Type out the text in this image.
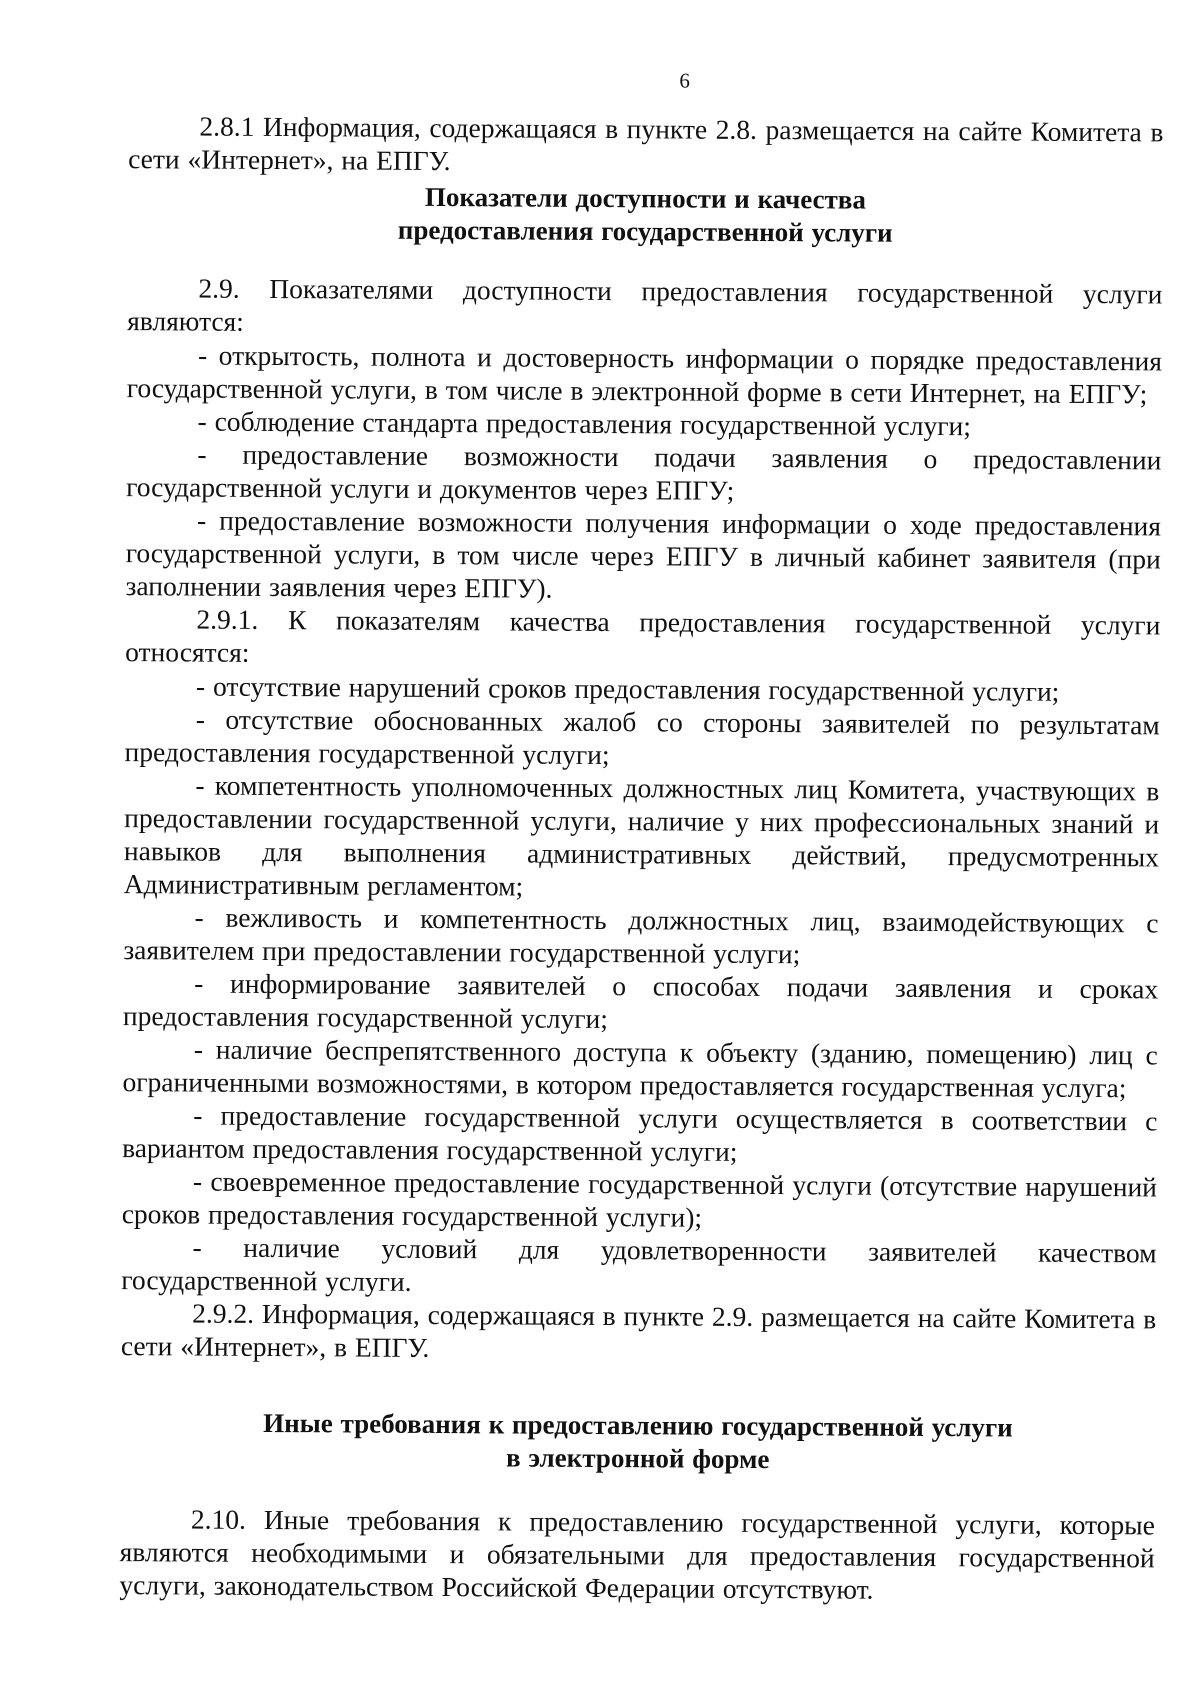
6

2.8.1 Информация, содержащаяся в пункте 2.8. размещается на сайте Комитета в сети «Интернет», на ЕПГУ.

Показатели доступности и качества

предоставления государственной услуги

2.9. Показателями доступности предоставления государственной услуги являются:

- открытость, полнота и достоверность информации о порядке предоставления государственной услуги, в том числе в электронной форме в сети Интернет, на ЕПГУ;

- соблюдение стандарта предоставления государственной услуги;

- предоставление возможности подачи заявления о предоставлении государственной услуги и документов через ЕПГУ;

- предоставление возможности получения информации о ходе предоставления государственной услуги, в том числе через ЕПГУ в личный кабинет заявителя (при заполнении заявления через ЕПГУ).

2.9.1. К показателям качества предоставления государственной услуги относятся:

- отсутствие нарушений сроков предоставления государственной услуги;

- отсутствие обоснованных жалоб со стороны заявителей по результатам предоставления государственной услуги;

- компетентность уполномоченных должностных лиц Комитета, участвующих в предоставлении государственной услуги, наличие у них профессиональных знаний и навыков для выполнения административных действий, предусмотренных Административным регламентом;

- вежливость и компетентность должностных лиц, взаимодействующих с заявителем при предоставлении государственной услуги;

- информирование заявителей о способах подачи заявления и сроках предоставления государственной услуги;

- наличие беспрепятственного доступа к объекту (зданию, помещению) лиц с ограниченными возможностями, в котором предоставляется государственная услуга;

- предоставление государственной услуги осуществляется в соответствии с вариантом предоставления государственной услуги;

- своевременное предоставление государственной услуги (отсутствие нарушений сроков предоставления государственной услуги);

- наличие условий для удовлетворенности заявителей качеством государственной услуги.

2.9.2. Информация, содержащаяся в пункте 2.9. размещается на сайте Комитета в сети «Интернет», в ЕПГУ.

Иные требования к предоставлению государственной услуги

в электронной форме

2.10. Иные требования к предоставлению государственной услуги, которые являются необходимыми и обязательными для предоставления государственной услуги, законодательством Российской Федерации отсутствуют.
